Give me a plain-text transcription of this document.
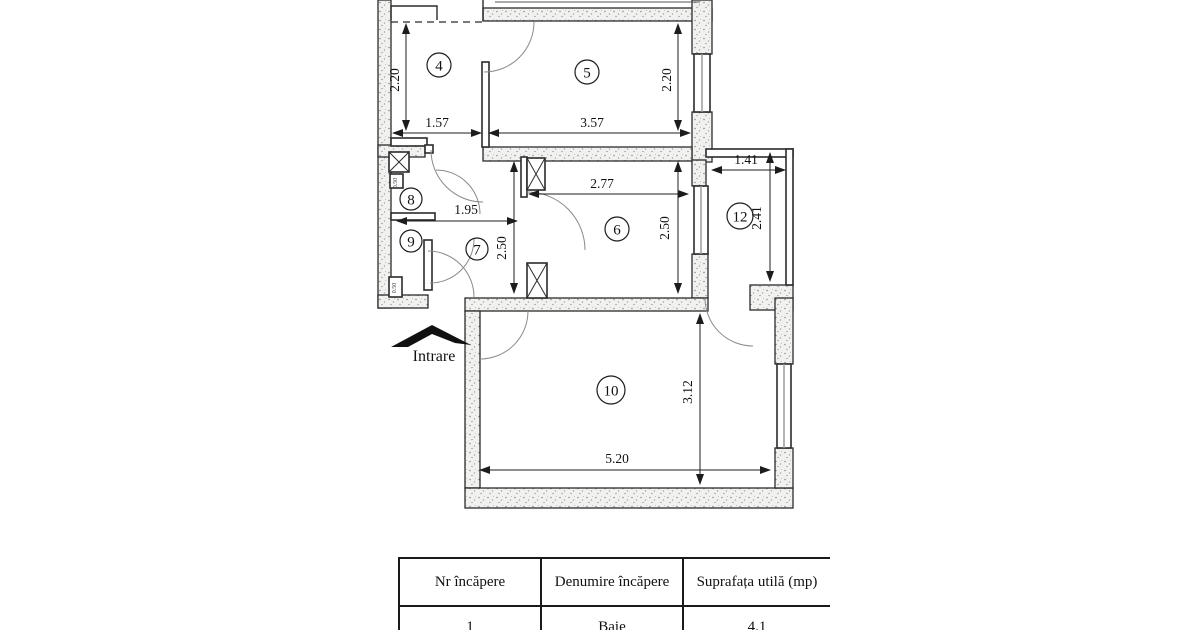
2.20
1.57	3.57
2.20
1.41
2.41
2.77
1.95
2.50
2.50
3.12
5.20
0.50
0.50
4	5
6
7
8
9
10
12
Intrare
Nr încăpere	Denumire încăpere	Suprafața utilă (mp)
1	Baie	4.1
